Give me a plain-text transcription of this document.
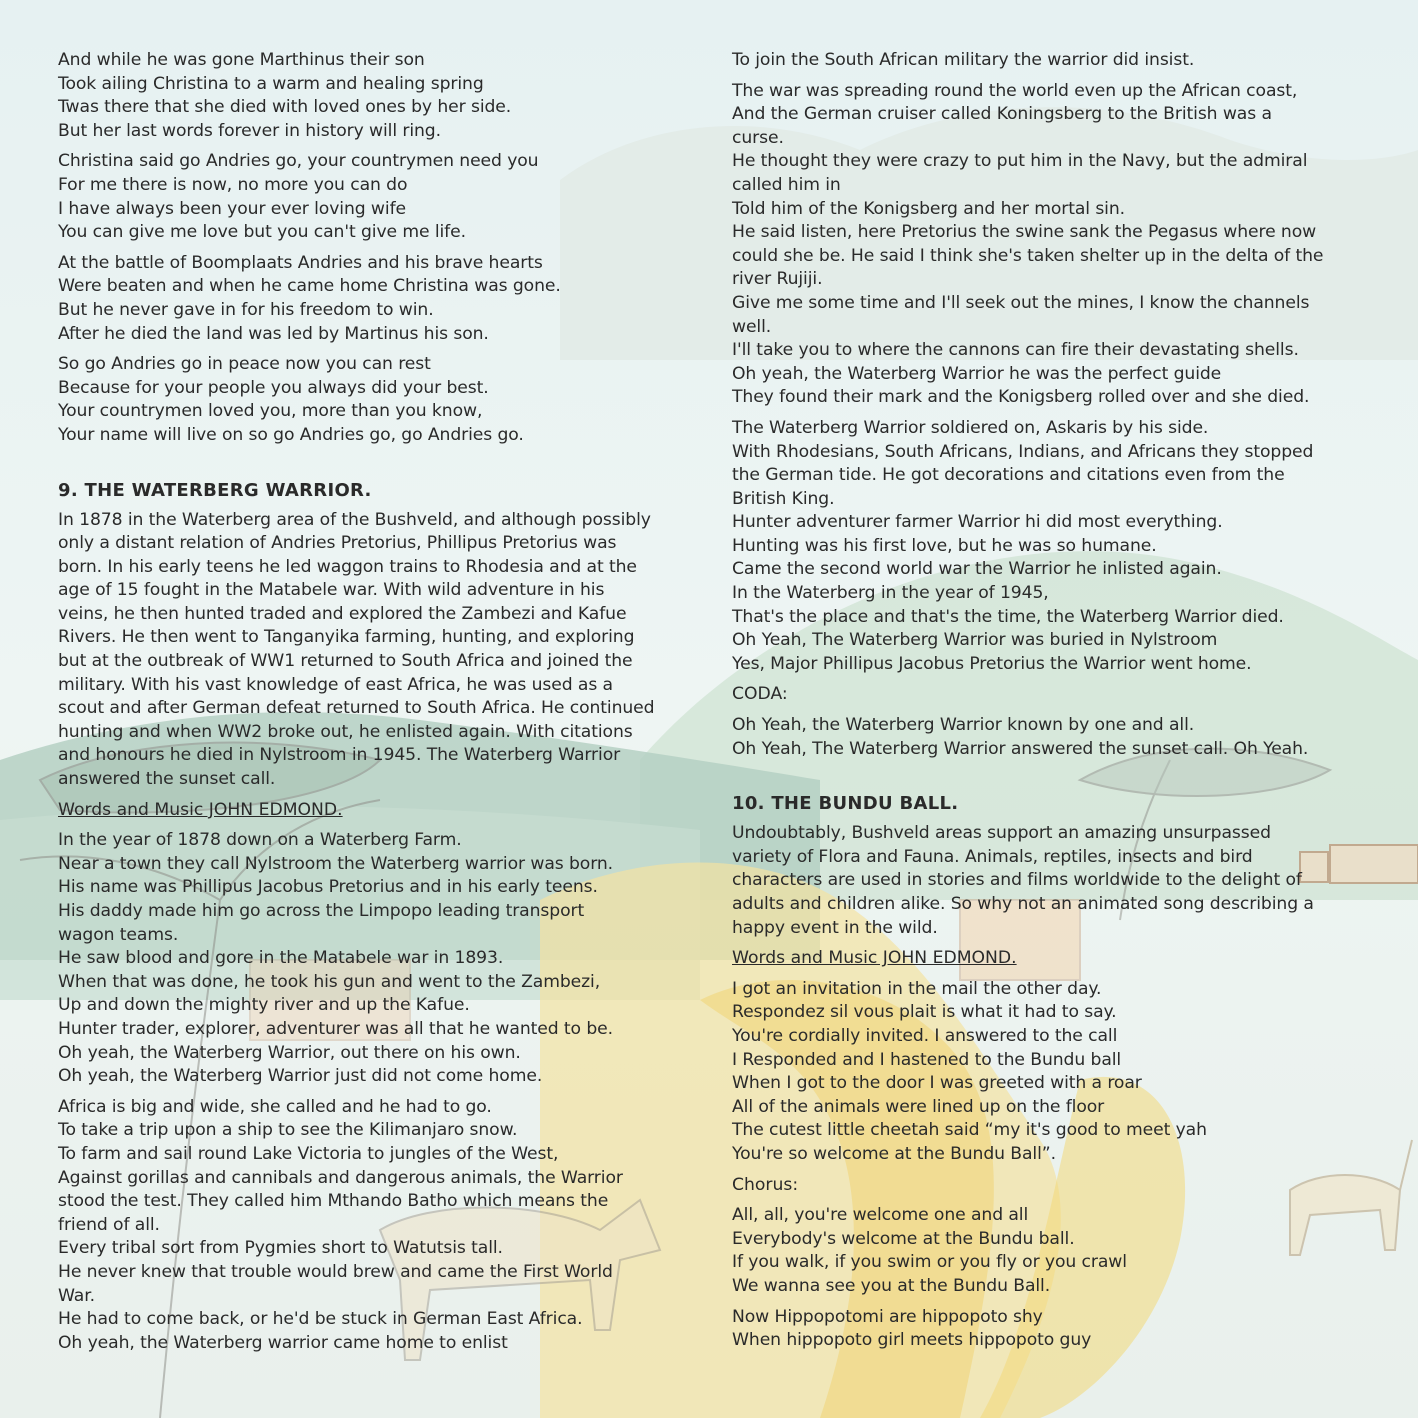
And while he was gone Marthinus their son
Took ailing Christina to a warm and healing spring
Twas there that she died with loved ones by her side.
But her last words forever in history will ring.
Christina said go Andries go, your countrymen need you
For me there is now, no more you can do
I have always been your ever loving wife
You can give me love but you can't give me life.
At the battle of Boomplaats Andries and his brave hearts
Were beaten and when he came home Christina was gone.
But he never gave in for his freedom to win.
After he died the land was led by Martinus his son.
So go Andries go in peace now you can rest
Because for your people you always did your best.
Your countrymen loved you, more than you know,
Your name will live on so go Andries go, go Andries go.
9. THE WATERBERG WARRIOR.
In 1878 in the Waterberg area of the Bushveld, and although possibly
only a distant relation of Andries Pretorius, Phillipus Pretorius was
born. In his early teens he led waggon trains to Rhodesia and at the
age of 15 fought in the Matabele war. With wild adventure in his
veins, he then hunted traded and explored the Zambezi and Kafue
Rivers. He then went to Tanganyika farming, hunting, and exploring
but at the outbreak of WW1 returned to South Africa and joined the
military. With his vast knowledge of east Africa, he was used as a
scout and after German defeat returned to South Africa. He continued
hunting and when WW2 broke out, he enlisted again. With citations
and honours he died in Nylstroom in 1945. The Waterberg Warrior
answered the sunset call.
Words and Music JOHN EDMOND.
In the year of 1878 down on a Waterberg Farm.
Near a town they call Nylstroom the Waterberg warrior was born.
His name was Phillipus Jacobus Pretorius and in his early teens.
His daddy made him go across the Limpopo leading transport
wagon teams.
He saw blood and gore in the Matabele war in 1893.
When that was done, he took his gun and went to the Zambezi,
Up and down the mighty river and up the Kafue.
Hunter trader, explorer, adventurer was all that he wanted to be.
Oh yeah, the Waterberg Warrior, out there on his own.
Oh yeah, the Waterberg Warrior just did not come home.
Africa is big and wide, she called and he had to go.
To take a trip upon a ship to see the Kilimanjaro snow.
To farm and sail round Lake Victoria to jungles of the West,
Against gorillas and cannibals and dangerous animals, the Warrior
stood the test. They called him Mthando Batho which means the
friend of all.
Every tribal sort from Pygmies short to Watutsis tall.
He never knew that trouble would brew and came the First World
War.
He had to come back, or he'd be stuck in German East Africa.
Oh yeah, the Waterberg warrior came home to enlist
To join the South African military the warrior did insist.
The war was spreading round the world even up the African coast,
And the German cruiser called Koningsberg to the British was a
curse.
He thought they were crazy to put him in the Navy, but the admiral
called him in
Told him of the Konigsberg and her mortal sin.
He said listen, here Pretorius the swine sank the Pegasus where now
could she be. He said I think she's taken shelter up in the delta of the
river Rujiji.
Give me some time and I'll seek out the mines, I know the channels
well.
I'll take you to where the cannons can fire their devastating shells.
Oh yeah, the Waterberg Warrior he was the perfect guide
They found their mark and the Konigsberg rolled over and she died.
The Waterberg Warrior soldiered on, Askaris by his side.
With Rhodesians, South Africans, Indians, and Africans they stopped
the German tide. He got decorations and citations even from the
British King.
Hunter adventurer farmer Warrior hi did most everything.
Hunting was his first love, but he was so humane.
Came the second world war the Warrior he inlisted again.
In the Waterberg in the year of 1945,
That's the place and that's the time, the Waterberg Warrior died.
Oh Yeah, The Waterberg Warrior was buried in Nylstroom
Yes, Major Phillipus Jacobus Pretorius the Warrior went home.
CODA:
Oh Yeah, the Waterberg Warrior known by one and all.
Oh Yeah, The Waterberg Warrior answered the sunset call. Oh Yeah.
10. THE BUNDU BALL.
Undoubtably, Bushveld areas support an amazing unsurpassed
variety of Flora and Fauna. Animals, reptiles, insects and bird
characters are used in stories and films worldwide to the delight of
adults and children alike. So why not an animated song describing a
happy event in the wild.
Words and Music JOHN EDMOND.
I got an invitation in the mail the other day.
Respondez sil vous plait is what it had to say.
You're cordially invited. I answered to the call
I Responded and I hastened to the Bundu ball
When I got to the door I was greeted with a roar
All of the animals were lined up on the floor
The cutest little cheetah said “my it's good to meet yah
You're so welcome at the Bundu Ball”.
Chorus:
All, all, you're welcome one and all
Everybody's welcome at the Bundu ball.
If you walk, if you swim or you fly or you crawl
We wanna see you at the Bundu Ball.
Now Hippopotomi are hippopoto shy
When hippopoto girl meets hippopoto guy
